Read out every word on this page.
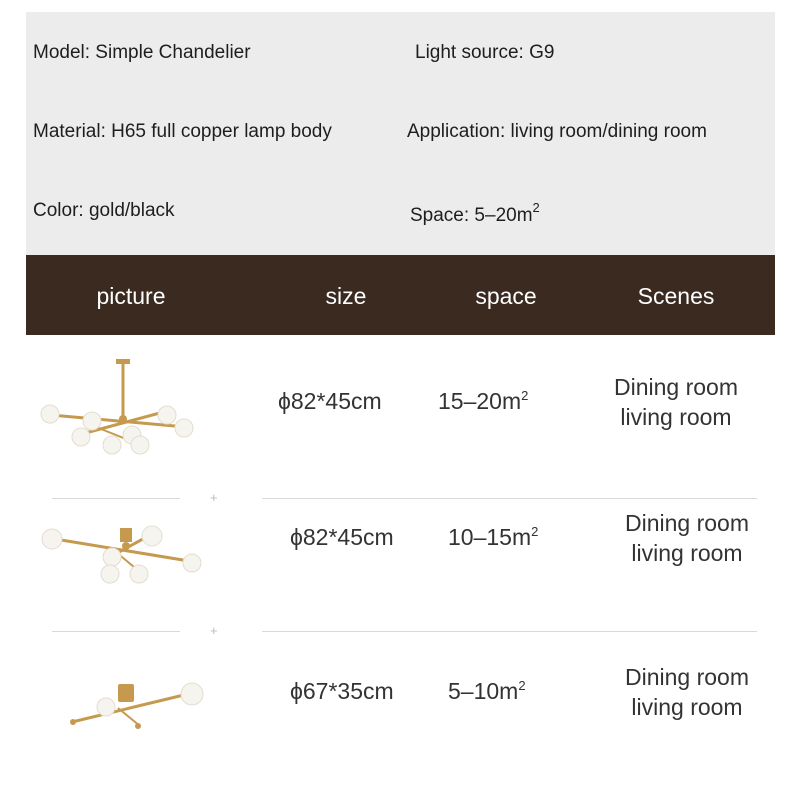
Model: Simple Chandelier	Light source: G9
Material: H65 full copper lamp body	Application: living room/dining room
Color: gold/black	Space: $5-20m^2$
picture	size	space	Scenes
ϕ82*45cm $15-20m^2$	Dining room
living room
+
ϕ82*45cm $10-15m^2$	Dining room
living room
+
ϕ67*35cm $5-10m^2$	Dining room
living room
